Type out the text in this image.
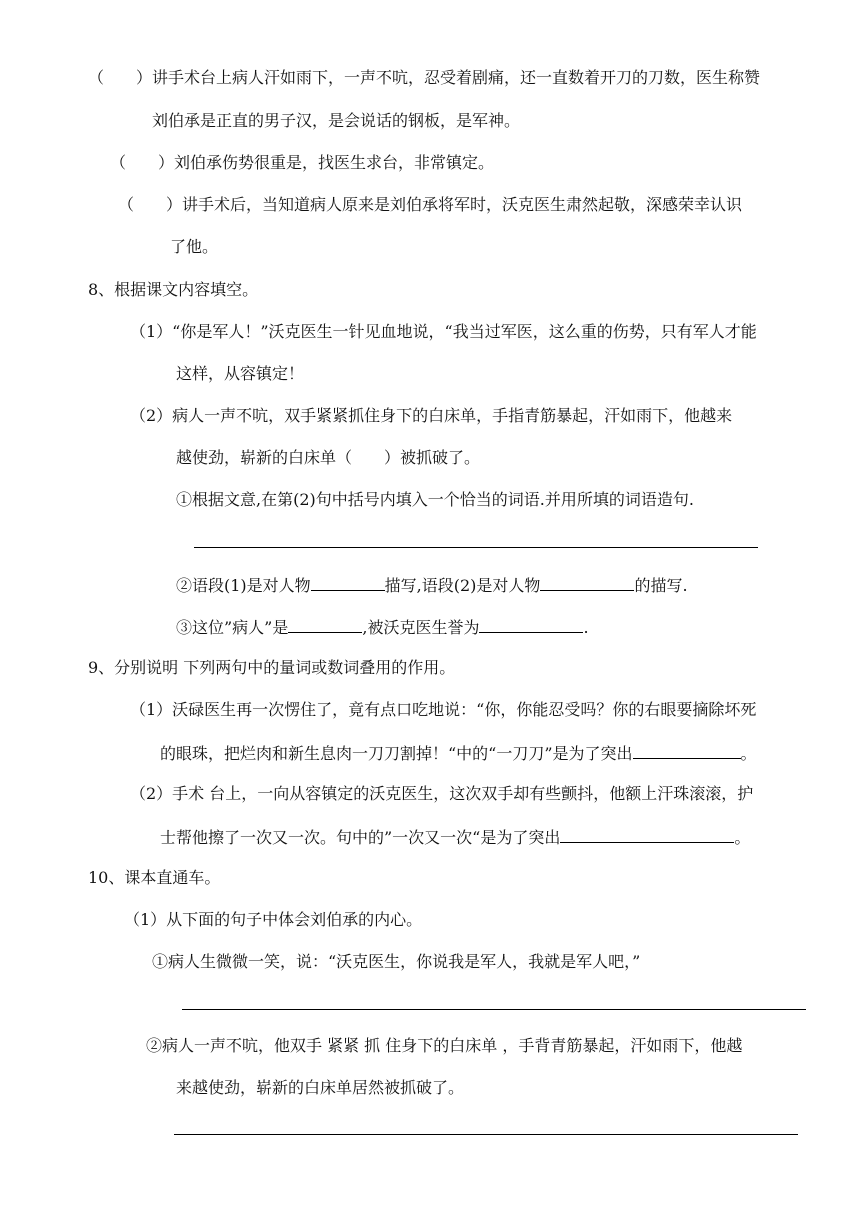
（　　）讲手术台上病人汗如雨下，一声不吭，忍受着剧痛，还一直数着开刀的刀数，医生称赞
刘伯承是正直的男子汉，是会说话的钢板，是军神。
（　　）刘伯承伤势很重是，找医生求台，非常镇定。
（　　）讲手术后，当知道病人原来是刘伯承将军时，沃克医生肃然起敬，深感荣幸认识
了他。
8、根据课文内容填空。
（1）“你是军人！”沃克医生一针见血地说，“我当过军医，这么重的伤势，只有军人才能
这样，从容镇定！
（2）病人一声不吭，双手紧紧抓住身下的白床单，手指青筋暴起，汗如雨下，他越来
越使劲，崭新的白床单（　　）被抓破了。
①根据文意,在第(2)句中括号内填入一个恰当的词语.并用所填的词语造句.
②语段(1)是对人物	描写,语段(2)是对人物	的描写.
③这位”病人”是	,被沃克医生誉为	.
9、分别说明 下列两句中的量词或数词叠用的作用。
（1）沃碌医生再一次愣住了，竟有点口吃地说：“你，你能忍受吗？你的右眼要摘除坏死
的眼珠，把烂肉和新生息肉一刀刀割掉！“中的“一刀刀”是为了突出	。
（2）手术 台上，一向从容镇定的沃克医生，这次双手却有些颤抖，他额上汗珠滚滚，护
士帮他擦了一次又一次。句中的”一次又一次“是为了突出	。
10、课本直通车。
（1）从下面的句子中体会刘伯承的内心。
①病人生微微一笑，说：“沃克医生，你说我是军人，我就是军人吧，”
②病人一声不吭，他双手 紧紧 抓 住身下的白床单 ，手背青筋暴起，汗如雨下，他越
来越使劲，崭新的白床单居然被抓破了。
